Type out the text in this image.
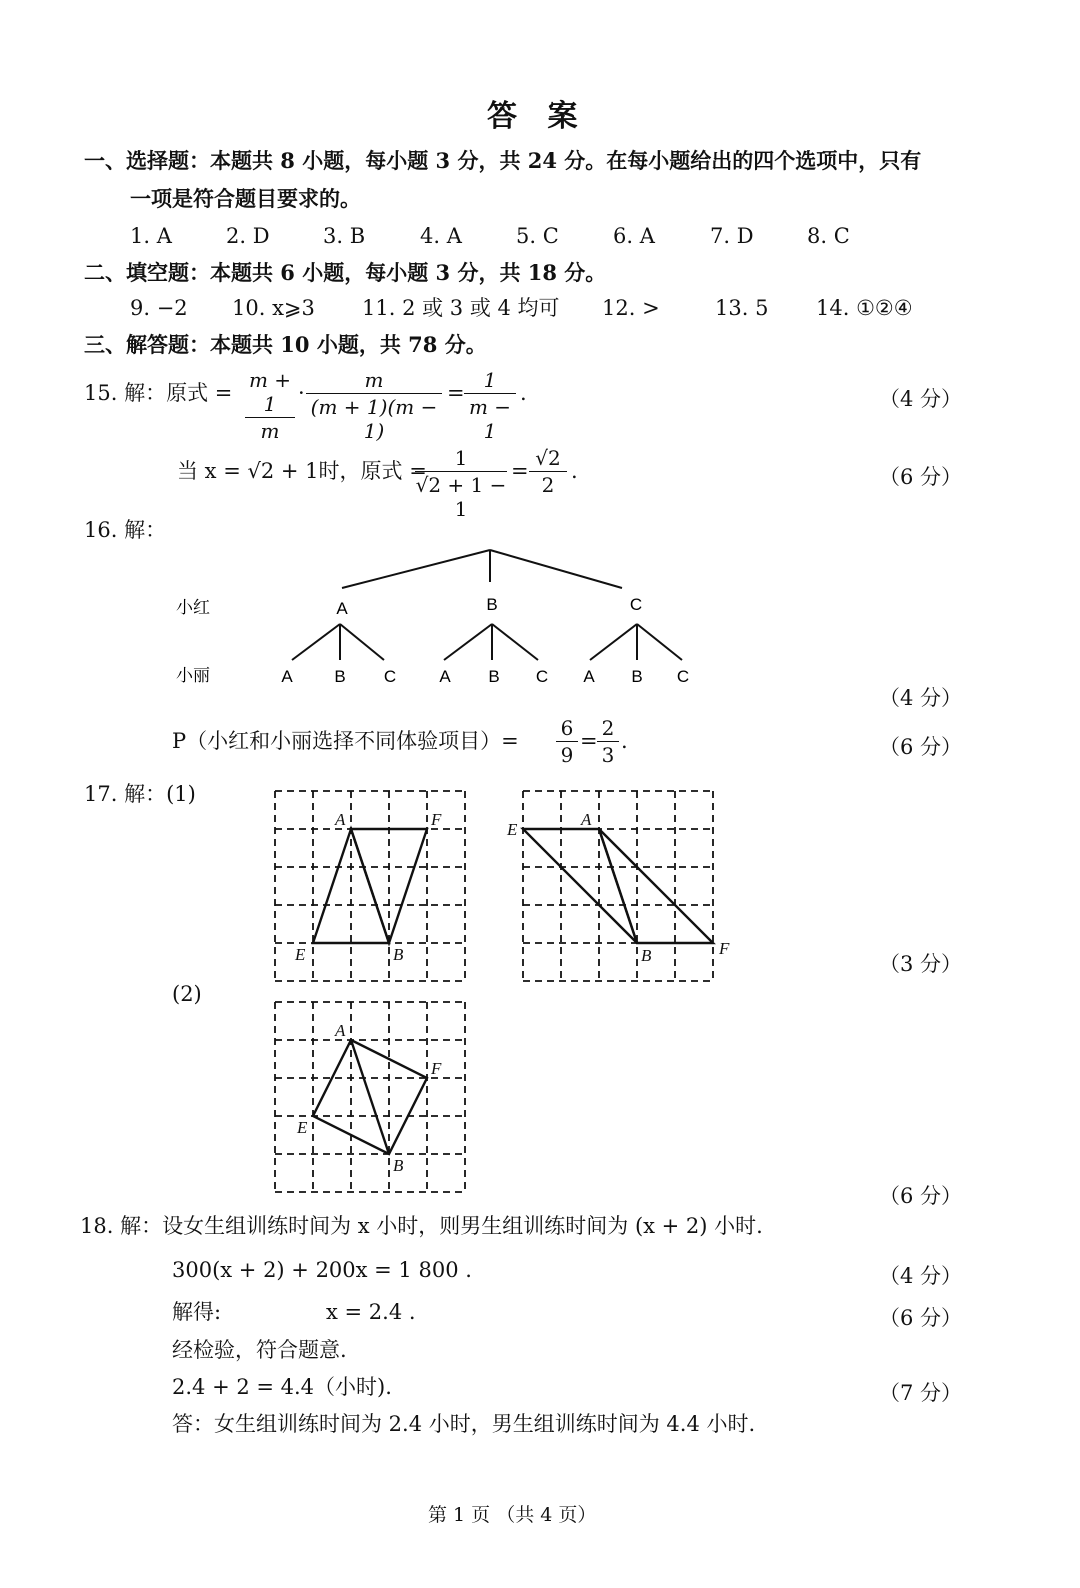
答 案
一、选择题：本题共 8 小题，每小题 3 分，共 24 分。在每小题给出的四个选项中，只有
一项是符合题目要求的。
1. A	2. D	3. B	4. A	5. C	6. A	7. D	8. C
二、填空题：本题共 6 小题，每小题 3 分，共 18 分。
9. −2 10. x⩾3 11. 2 或 3 或 4 均可 12. >	13. 5 14. ①②④
三、解答题：本题共 10 小题，共 78 分。
15. 解：原式 =
m + 1
m
·
m
(m + 1)(m − 1)
=
1
m − 1
.	（4 分）
当 x = √2 + 1时，原式 =
1
√2 + 1 − 1
=
√2
2
.	（6 分）
16. 解：
小红
小丽
A	B	C
A B C	A B C A B C
（4 分）
P（小红和小丽选择不同体验项目）=
6
9
=
2
3
.	（6 分）
17. 解：(1)
(2)
A	F
E	B
A
E
B	F
（3 分）
A
F
E
B
（6 分）
18. 解：设女生组训练时间为 x 小时，则男生组训练时间为 (x + 2) 小时.
300(x + 2) + 200x = 1 800 .	（4 分）
解得:	x = 2.4 .	（6 分）
经检验，符合题意.
2.4 + 2 = 4.4（小时).	（7 分）
答：女生组训练时间为 2.4 小时，男生组训练时间为 4.4 小时.
第 1 页 （共 4 页）
